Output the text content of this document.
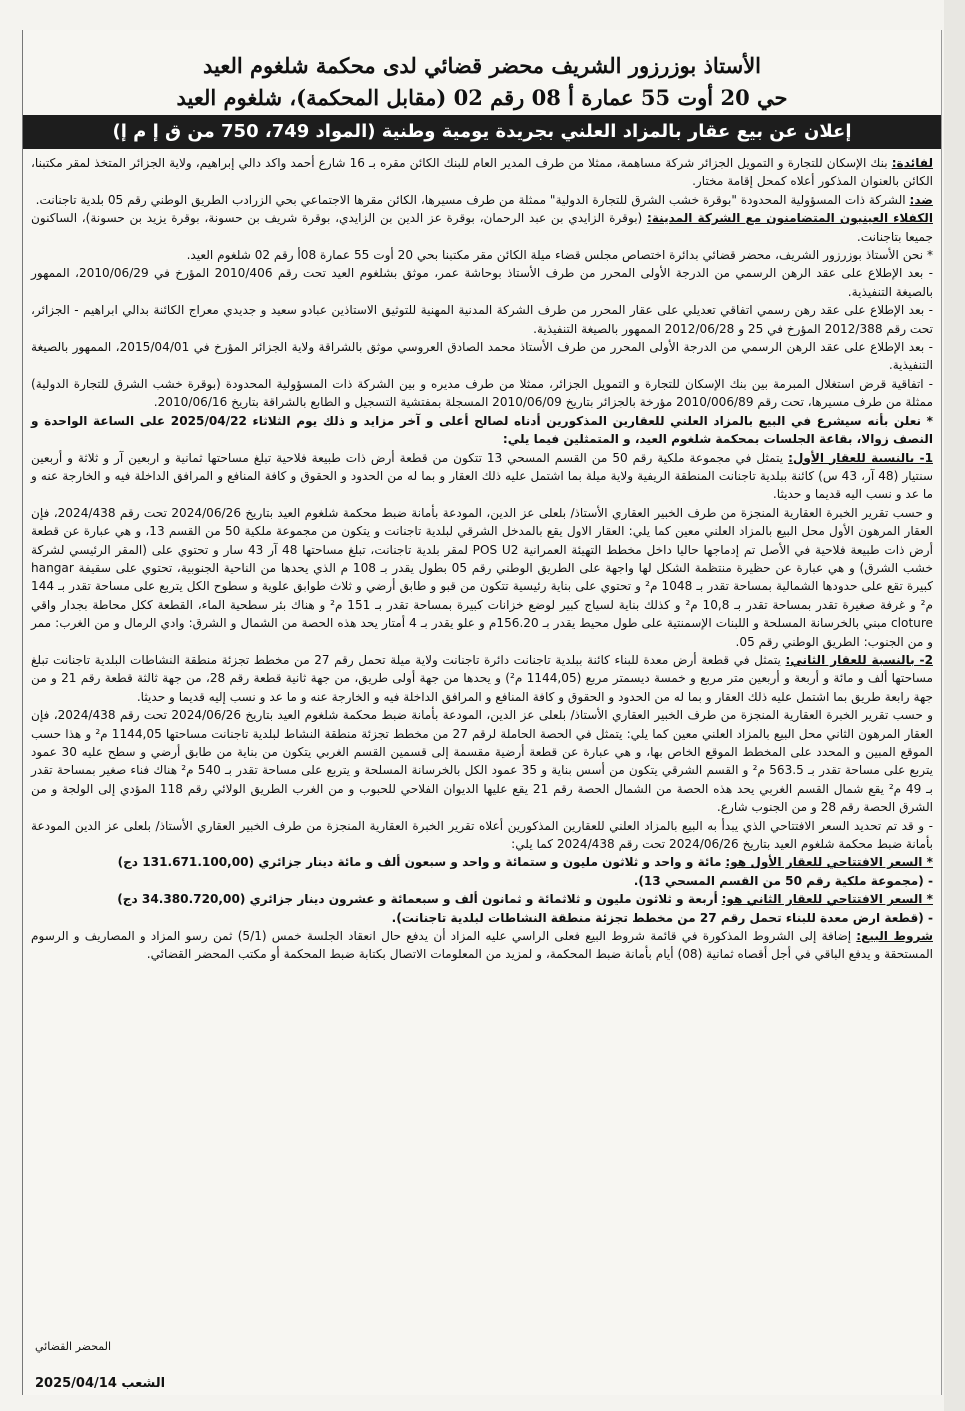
الأستاذ بوزرزور الشريف محضر قضائي لدى محكمة شلغوم العيد
حي 20 أوت 55 عمارة أ 08 رقم 02 (مقابل المحكمة)، شلغوم العيد
إعلان عن بيع عقار بالمزاد العلني بجريدة يومية وطنية (المواد 749، 750 من ق إ م إ)

لفائدة: بنك الإسكان للتجارة و التمويل الجزائر شركة مساهمة، ممثلا من طرف المدير العام للبنك الكائن مقره بـ 16 شارع أحمد واكد دالي إبراهيم، ولاية الجزائر المتخذ لمقر مكتبنا، الكائن بالعنوان المذكور أعلاه كمحل إقامة مختار.

ضد: الشركة ذات المسؤولية المحدودة "بوقرة خشب الشرق للتجارة الدولية" ممثلة من طرف مسيرها، الكائن مقرها الاجتماعي بحي الزرادب الطريق الوطني رقم 05 بلدية تاجنانت.

الكفلاء العينيون المتضامنون مع الشركة المدينة: (بوقرة الزايدي بن عبد الرحمان، بوقرة عز الدين بن الزايدي، بوقرة شريف بن حسونة، بوقرة يزيد بن حسونة)، الساكنون جميعا بتاجنانت.

* نحن الأستاذ بوزرزور الشريف، محضر قضائي بدائرة اختصاص مجلس قضاء ميلة الكائن مقر مكتبنا بحي 20 أوت 55 عمارة 08أ رقم 02 شلغوم العيد.

- بعد الإطلاع على عقد الرهن الرسمي من الدرجة الأولى المحرر من طرف الأستاذ بوحاشة عمر، موثق بشلغوم العيد تحت رقم 2010/406 المؤرخ في 2010/06/29، الممهور بالصيغة التنفيذية.

- بعد الإطلاع على عقد رهن رسمي اتفاقي تعديلي على عقار المحرر من طرف الشركة المدنية المهنية للتوثيق الاستاذين عبادو سعيد و جديدي معراج الكائنة بدالي ابراهيم - الجزائر، تحت رقم 2012/388 المؤرخ في 25 و 2012/06/28 الممهور بالصيغة التنفيذية.

- بعد الإطلاع على عقد الرهن الرسمي من الدرجة الأولى المحرر من طرف الأستاذ محمد الصادق العروسي موثق بالشراقة ولاية الجزائر المؤرخ في 2015/04/01، الممهور بالصيغة التنفيذية.

- اتفاقية قرض استغلال المبرمة بين بنك الإسكان للتجارة و التمويل الجزائر، ممثلا من طرف مديره و بين الشركة ذات المسؤولية المحدودة (بوقرة خشب الشرق للتجارة الدولية) ممثلة من طرف مسيرها، تحت رقم 2010/006/89 مؤرخة بالجزائر بتاريخ 2010/06/09 المسجلة بمفتشية التسجيل و الطابع بالشراقة بتاريخ 2010/06/16.

* نعلن بأنه سيشرع في البيع بالمزاد العلني للعقارين المذكورين أدناه لصالح أعلى و آخر مزايد و ذلك يوم الثلاثاء 2025/04/22 على الساعة الواحدة و النصف زوالا، بقاعة الجلسات بمحكمة شلغوم العيد، و المتمثلين فيما يلي:

1- بالنسبة للعقار الأول: يتمثل في مجموعة ملكية رقم 50 من القسم المسحي 13 تتكون من قطعة أرض ذات طبيعة فلاحية تبلغ مساحتها ثمانية و اربعين آر و ثلاثة و أربعين سنتيار (48 آر، 43 س) كائنة ببلدية تاجنانت المنطقة الريفية ولاية ميلة بما اشتمل عليه ذلك العقار و بما له من الحدود و الحقوق و كافة المنافع و المرافق الداخلة فيه و الخارجة عنه و ما عد و نسب اليه قديما و حديثا.

و حسب تقرير الخبرة العقارية المنجزة من طرف الخبير العقاري الأستاذ/ بلعلى عز الدين، المودعة بأمانة ضبط محكمة شلغوم العيد بتاريخ 2024/06/26 تحت رقم 2024/438، فإن العقار المرهون الأول محل البيع بالمزاد العلني معين كما يلي: العقار الاول يقع بالمدخل الشرقي لبلدية تاجنانت و يتكون من مجموعة ملكية 50 من القسم 13، و هي عبارة عن قطعة أرض ذات طبيعة فلاحية في الأصل تم إدماجها حاليا داخل مخطط التهيئة العمرانية POS U2 لمقر بلدية تاجنانت، تبلغ مساحتها 48 آر 43 سار و تحتوي على (المقر الرئيسي لشركة خشب الشرق) و هي عبارة عن حظيرة منتظمة الشكل لها واجهة على الطريق الوطني رقم 05 بطول يقدر بـ 108 م الذي يحدها من الناحية الجنوبية، تحتوي على سقيفة hangar كبيرة تقع على حدودها الشمالية بمساحة تقدر بـ 1048 م² و تحتوي على بناية رئيسية تتكون من قبو و طابق أرضي و ثلاث طوابق علوية و سطوح الكل يتربع على مساحة تقدر بـ 144 م² و غرفة صغيرة تقدر بمساحة تقدر بـ 10,8 م² و كذلك بناية لسياج كبير لوضع خزانات كبيرة بمساحة تقدر بـ 151 م² و هناك بئر سطحية الماء، القطعة ككل محاطة بجدار واقي cloture مبني بالخرسانة المسلحة و اللبنات الإسمنتية على طول محيط يقدر بـ 156.20م و علو يقدر بـ 4 أمتار يحد هذه الحصة من الشمال و الشرق: وادي الرمال و من الغرب: ممر و من الجنوب: الطريق الوطني رقم 05.

2- بالنسبة للعقار الثاني: يتمثل في قطعة أرض معدة للبناء كائنة ببلدية تاجنانت دائرة تاجنانت ولاية ميلة تحمل رقم 27 من مخطط تجزئة منطقة النشاطات البلدية تاجنانت تبلغ مساحتها ألف و مائة و أربعة و أربعين متر مربع و خمسة ديسمتر مربع (1144,05 م²) و يحدها من جهة أولى طريق، من جهة ثانية قطعة رقم 28، من جهة ثالثة قطعة رقم 21 و من جهة رابعة طريق بما اشتمل عليه ذلك العقار و بما له من الحدود و الحقوق و كافة المنافع و المرافق الداخلة فيه و الخارجة عنه و ما عد و نسب إليه قديما و حديثا.

و حسب تقرير الخبرة العقارية المنجزة من طرف الخبير العقاري الأستاذ/ بلعلى عز الدين، المودعة بأمانة ضبط محكمة شلغوم العيد بتاريخ 2024/06/26 تحت رقم 2024/438، فإن العقار المرهون الثاني محل البيع بالمزاد العلني معين كما يلي: يتمثل في الحصة الحاملة لرقم 27 من مخطط تجزئة منطقة النشاط لبلدية تاجنانت مساحتها 1144,05 م² و هذا حسب الموقع المبين و المحدد على المخطط الموقع الخاص بها، و هي عبارة عن قطعة أرضية مقسمة إلى قسمين القسم الغربي يتكون من بناية من طابق أرضي و سطح عليه 30 عمود يتربع على مساحة تقدر بـ 563.5 م² و القسم الشرقي يتكون من أسس بناية و 35 عمود الكل بالخرسانة المسلحة و يتربع على مساحة تقدر بـ 540 م² هناك فناء صغير بمساحة تقدر بـ 49 م² يقع شمال القسم الغربي يحد هذه الحصة من الشمال الحصة رقم 21 يقع عليها الديوان الفلاحي للحبوب و من الغرب الطريق الولائي رقم 118 المؤدي إلى الولجة و من الشرق الحصة رقم 28 و من الجنوب شارع.

- و قد تم تحديد السعر الافتتاحي الذي يبدأ به البيع بالمزاد العلني للعقارين المذكورين أعلاه تقرير الخبرة العقارية المنجزة من طرف الخبير العقاري الأستاذ/ بلعلى عز الدين المودعة بأمانة ضبط محكمة شلغوم العيد بتاريخ 2024/06/26 تحت رقم 2024/438 كما يلي:

* السعر الافتتاحي للعقار الأول هو: مائة و واحد و ثلاثون مليون و ستمائة و واحد و سبعون ألف و مائة دينار جزائري (131.671.100,00 دج)

- (مجموعة ملكية رقم 50 من القسم المسحي 13).

* السعر الافتتاحي للعقار الثاني هو: أربعة و ثلاثون مليون و ثلاثمائة و ثمانون ألف و سبعمائة و عشرون دينار جزائري (34.380.720,00 دج)

- (قطعة ارض معدة للبناء تحمل رقم 27 من مخطط تجزئة منطقة النشاطات لبلدية تاجنانت).

شروط البيع: إضافة إلى الشروط المذكورة في قائمة شروط البيع فعلى الراسي عليه المزاد أن يدفع حال انعقاد الجلسة خمس (5/1) ثمن رسو المزاد و المصاريف و الرسوم المستحقة و يدفع الباقي في أجل أقصاه ثمانية (08) أيام بأمانة ضبط المحكمة، و لمزيد من المعلومات الاتصال بكتابة ضبط المحكمة أو مكتب المحضر القضائي.

المحضر القضائي
الشعب 2025/04/14
